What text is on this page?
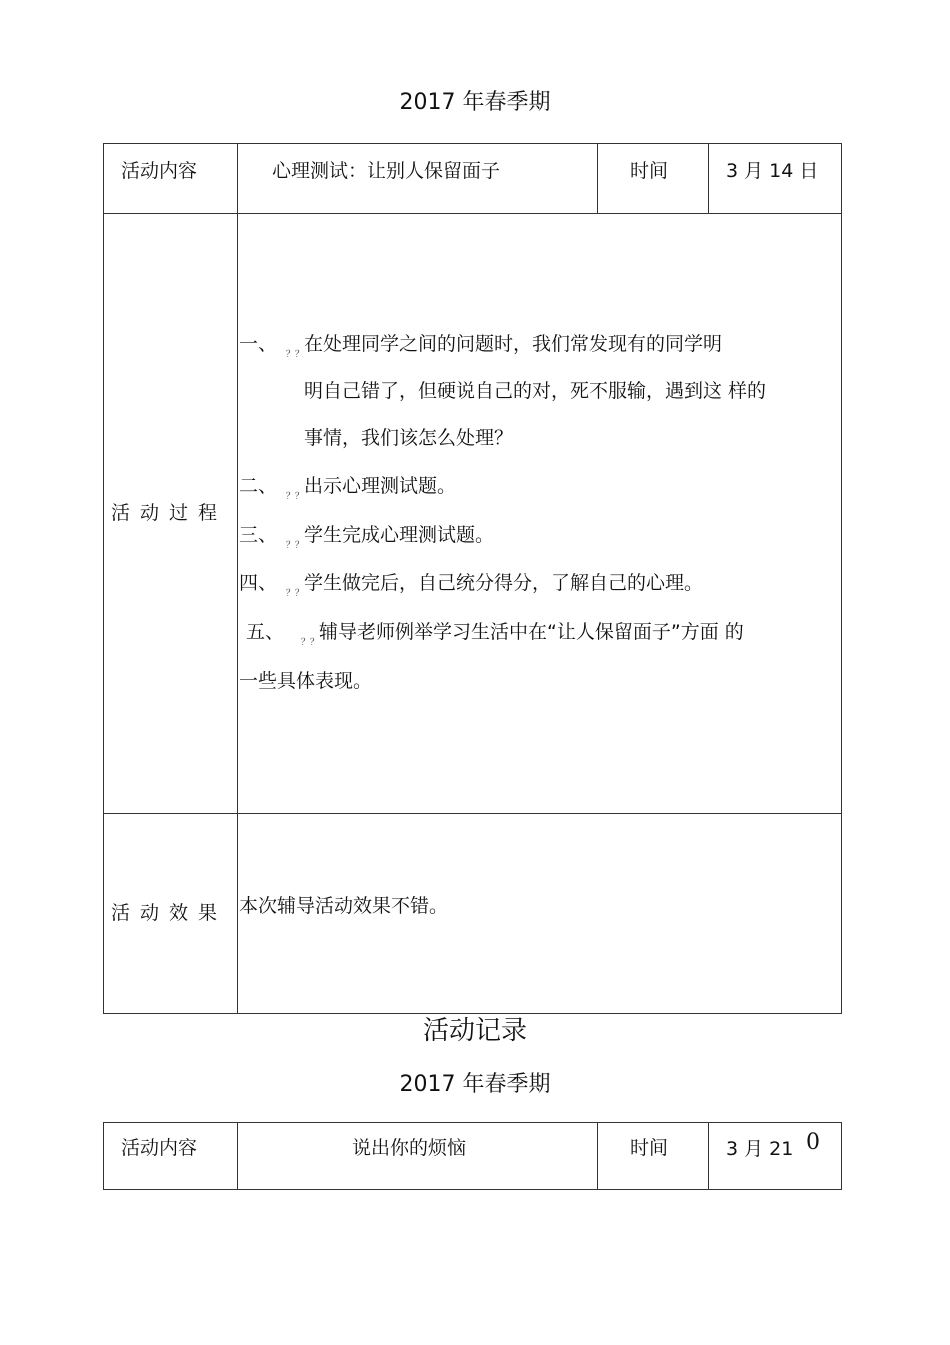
2017 年春季期
活动内容	心理测试：让别人保留面子	时间	3 月 14 日
活动过程
一、 ？？ 在处理同学之间的问题时，我们常发现有的同学明
明自己错了，但硬说自己的对，死不服输，遇到这 样的
事情，我们该怎么处理？
二、 ？？ 出示心理测试题。
三、 ？？ 学生完成心理测试题。
四、 ？？ 学生做完后，自己统分得分，了解自己的心理。
五、 ？？ 辅导老师例举学习生活中在“让人保留面子”方面 的
一些具体表现。
活动效果 本次辅导活动效果不错。
活动记录
2017 年春季期
活动内容	说出你的烦恼	时间	3 月 21 0
